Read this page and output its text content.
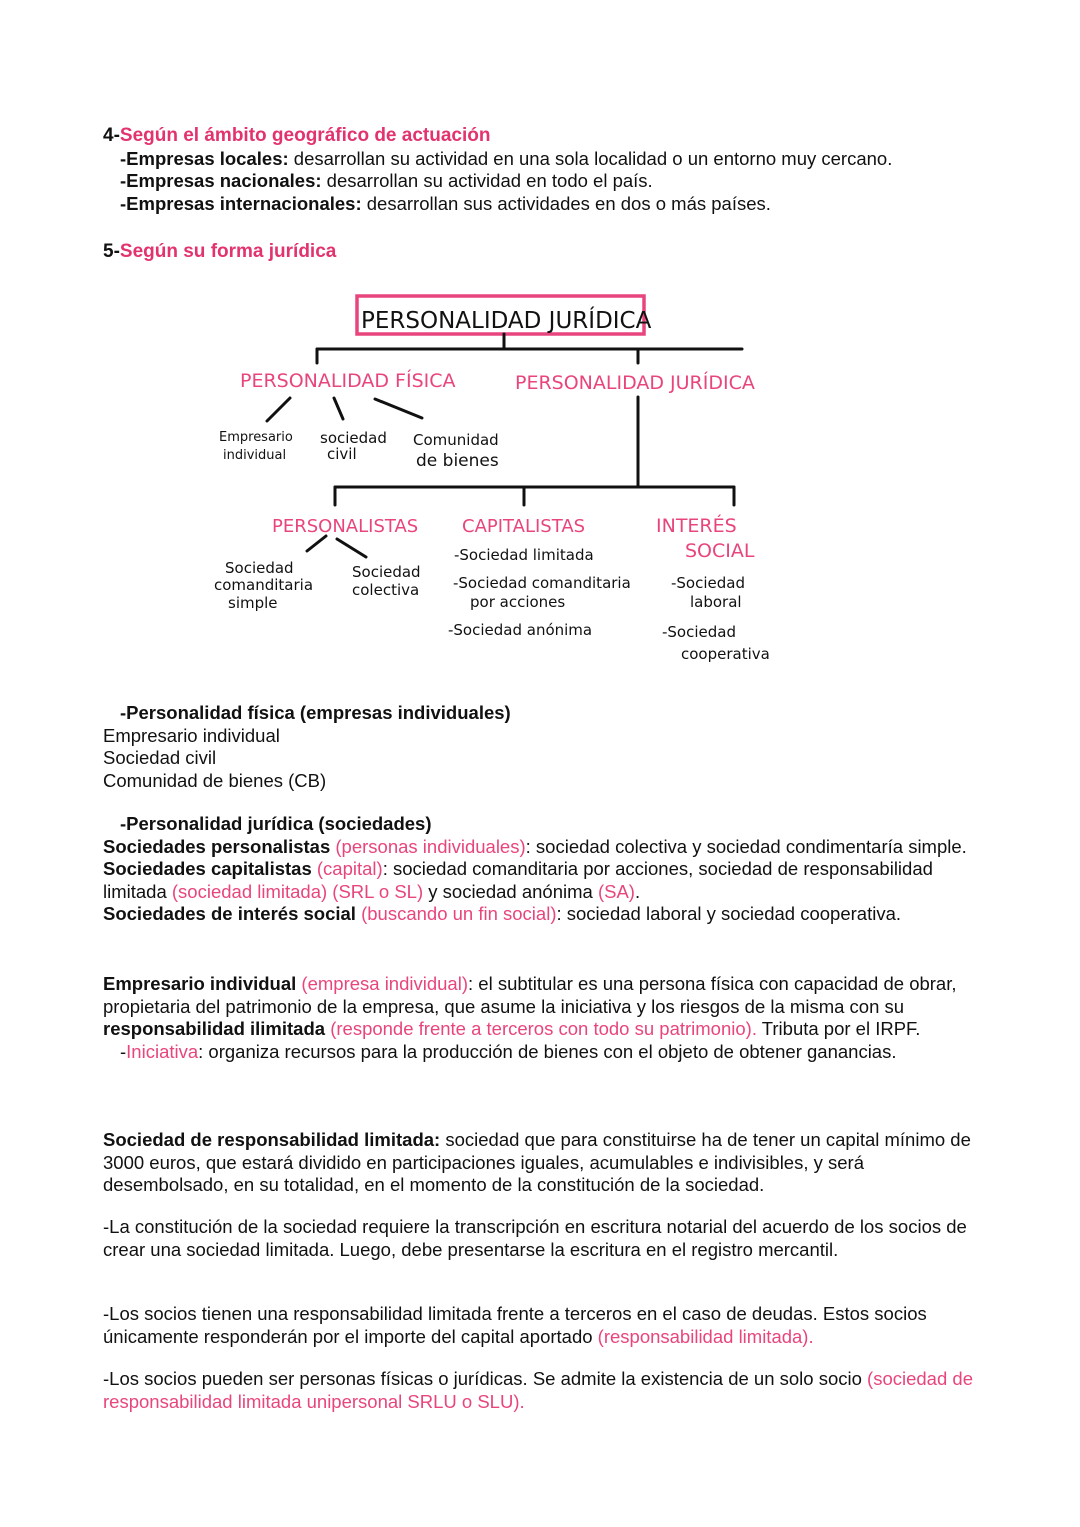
4-Según el ámbito geográfico de actuación
-Empresas locales: desarrollan su actividad en una sola localidad o un entorno muy cercano.
-Empresas nacionales: desarrollan su actividad en todo el país.
-Empresas internacionales: desarrollan sus actividades en dos o más países.
5-Según su forma jurídica
PERSONALIDAD JURÍDICA
PERSONALIDAD FÍSICA	PERSONALIDAD JURÍDICA
Empresario
individual
sociedad
civil
Comunidad
de bienes
PERSONALISTAS CAPITALISTAS	INTERÉS
SOCIAL
Sociedad
comanditaria
simple
Sociedad
colectiva
-Sociedad limitada
-Sociedad comanditaria
por acciones
-Sociedad anónima
-Sociedad
laboral
-Sociedad
cooperativa
-Personalidad física (empresas individuales)
Empresario individual
Sociedad civil
Comunidad de bienes (CB)
-Personalidad jurídica (sociedades)
Sociedades personalistas (personas individuales): sociedad colectiva y sociedad condimentaría simple.
Sociedades capitalistas (capital): sociedad comanditaria por acciones, sociedad de responsabilidad limitada (sociedad limitada) (SRL o SL) y sociedad anónima (SA).
Sociedades de interés social (buscando un fin social): sociedad laboral y sociedad cooperativa.
Empresario individual (empresa individual): el subtitular es una persona física con capacidad de obrar, propietaria del patrimonio de la empresa, que asume la iniciativa y los riesgos de la misma con su responsabilidad ilimitada (responde frente a terceros con todo su patrimonio). Tributa por el IRPF.
-Iniciativa: organiza recursos para la producción de bienes con el objeto de obtener ganancias.
Sociedad de responsabilidad limitada: sociedad que para constituirse ha de tener un capital mínimo de 3000 euros, que estará dividido en participaciones iguales, acumulables e indivisibles, y será desembolsado, en su totalidad, en el momento de la constitución de la sociedad.
-La constitución de la sociedad requiere la transcripción en escritura notarial del acuerdo de los socios de crear una sociedad limitada. Luego, debe presentarse la escritura en el registro mercantil.
-Los socios tienen una responsabilidad limitada frente a terceros en el caso de deudas. Estos socios únicamente responderán por el importe del capital aportado (responsabilidad limitada).
-Los socios pueden ser personas físicas o jurídicas. Se admite la existencia de un solo socio (sociedad de responsabilidad limitada unipersonal SRLU o SLU).
